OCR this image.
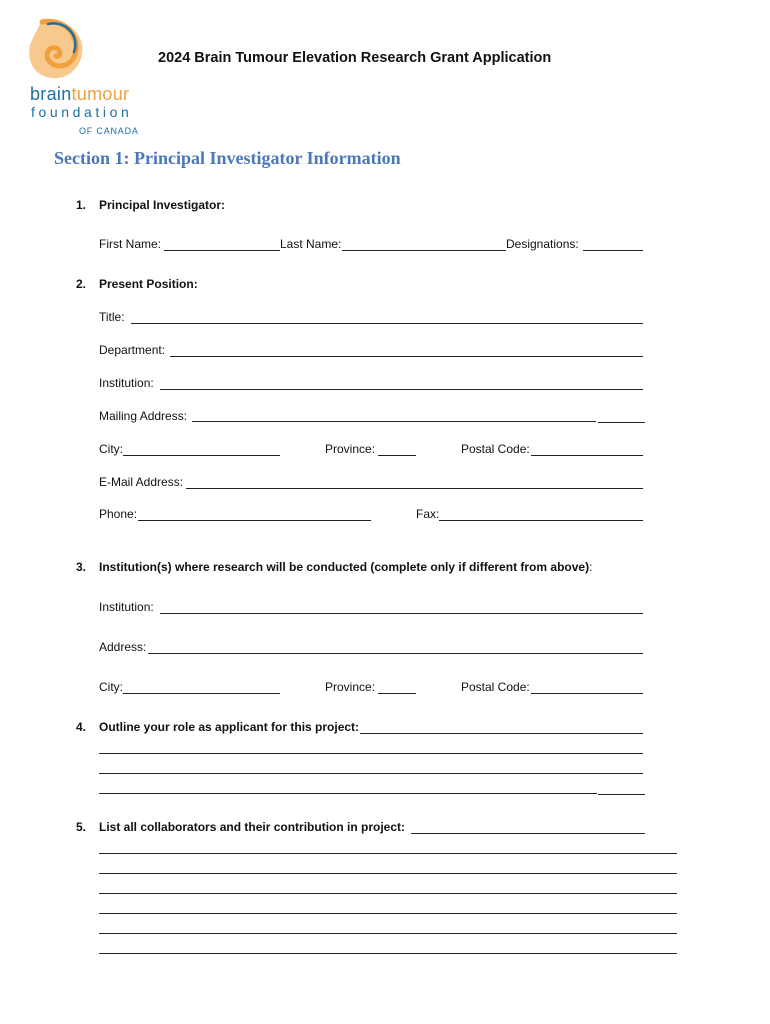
braintumour
foundation
OF CANADA
2024 Brain Tumour Elevation Research Grant Application
Section 1: Principal Investigator Information
1. Principal Investigator:
First Name:	Last Name:	Designations:
2. Present Position:
Title:
Department:
Institution:
Mailing Address:
City:	Province:	Postal Code:
E-Mail Address:
Phone:	Fax:
3. Institution(s) where research will be conducted (complete only if different from above):
Institution:
Address:
City:	Province:	Postal Code:
4. Outline your role as applicant for this project:
5. List all collaborators and their contribution in project:
